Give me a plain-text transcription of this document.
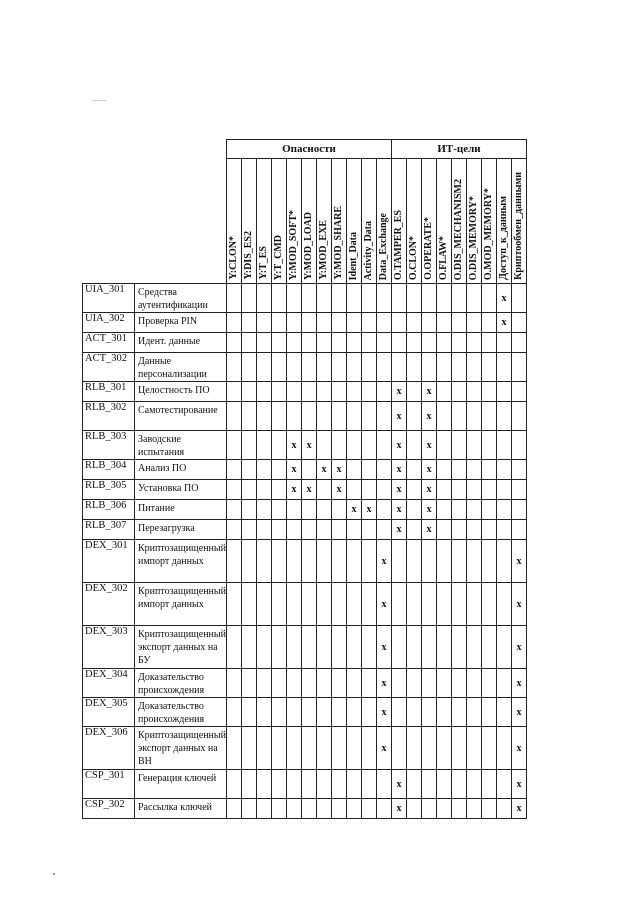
		Опасности											ИТ-цели								

		Y:CLON*	Y:DIS_ES2	Y:T_ES	Y:T_CMD	Y:MOD_SOFT*	Y:MOD_LOAD	Y:MOD_EXE	Y:MOD_SHARE	Ident_Data	Activity_Data	Data_Exchange	O.TAMPER_ES	O.CLON*	O.OPERATE*	O.FLAW*	O.DIS_MECHANISM2	O.DIS_MEMORY*	O.MOD_MEMORY*	Доступ_к_данным	Криптообмен_данными

UIA_301	Средства аутентификации																			x	
UIA_302	Проверка PIN																			x	
ACT_301	Идент. данные																				
ACT_302	Данные персонализации																				
RLB_301	Целостность ПО												x		x						
RLB_302	Самотестирование												x		x						
RLB_303	Заводские испытания					x	x						x		x						
RLB_304	Анализ ПО					x		x	x				x		x						
RLB_305	Установка ПО					x	x		x				x		x						
RLB_306	Питание									x	x		x		x						
RLB_307	Перезагрузка												x		x						
DEX_301	Криптозащищенный импорт данных											x									x
DEX_302	Криптозащищенный импорт данных											x									x
DEX_303	Криптозащищенный экспорт данных на БУ											x									x
DEX_304	Доказательство происхождения											x									x
DEX_305	Доказательство происхождения											x									x
DEX_306	Криптозащищенный экспорт данных на ВН											x									x
CSP_301	Генерация ключей												x								x
CSP_302	Рассылка ключей												x								x
